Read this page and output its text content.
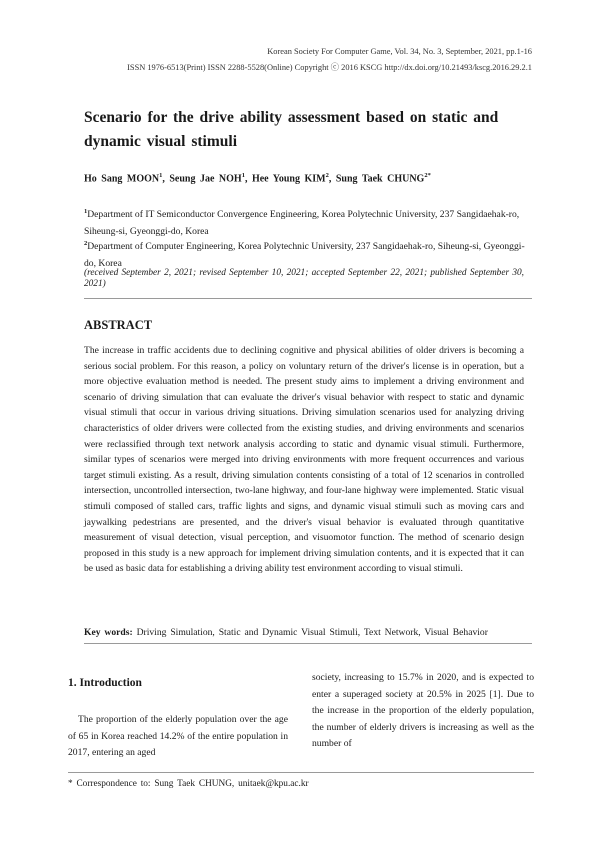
Korean Society For Computer Game, Vol. 34, No. 3, September, 2021, pp.1-16
ISSN 1976-6513(Print) ISSN 2288-5528(Online) Copyright ⓒ 2016 KSCG http://dx.doi.org/10.21493/kscg.2016.29.2.1
Scenario for the drive ability assessment based on static and dynamic visual stimuli
Ho Sang MOON$^1$, Seung Jae NOH$^1$, Hee Young KIM$^2$, Sung Taek $CHUNG^{2*}$
$^1$Department of IT Semiconductor Convergence Engineering, Korea Polytechnic University, 237 Sangidaehak-ro, Siheung-si, Gyeonggi-do, Korea
$^2$Department of Computer Engineering, Korea Polytechnic University, 237 Sangidaehak-ro, Siheung-si, Gyeonggi-do, Korea
(received September 2, 2021; revised September 10, 2021; accepted September 22, 2021; published September 30, 2021)
ABSTRACT
The increase in traffic accidents due to declining cognitive and physical abilities of older drivers is becoming a serious social problem. For this reason, a policy on voluntary return of the driver's license is in operation, but a more objective evaluation method is needed. The present study aims to implement a driving environment and scenario of driving simulation that can evaluate the driver's visual behavior with respect to static and dynamic visual stimuli that occur in various driving situations. Driving simulation scenarios used for analyzing driving characteristics of older drivers were collected from the existing studies, and driving environments and scenarios were reclassified through text network analysis according to static and dynamic visual stimuli. Furthermore, similar types of scenarios were merged into driving environments with more frequent occurrences and various target stimuli existing. As a result, driving simulation contents consisting of a total of 12 scenarios in controlled intersection, uncontrolled intersection, two-lane highway, and four-lane highway were implemented. Static visual stimuli composed of stalled cars, traffic lights and signs, and dynamic visual stimuli such as moving cars and jaywalking pedestrians are presented, and the driver's visual behavior is evaluated through quantitative measurement of visual detection, visual perception, and visuomotor function. The method of scenario design proposed in this study is a new approach for implement driving simulation contents, and it is expected that it can be used as basic data for establishing a driving ability test environment according to visual stimuli.
Key words: Driving Simulation, Static and Dynamic Visual Stimuli, Text Network, Visual Behavior
1. Introduction
The proportion of the elderly population over the age of 65 in Korea reached 14.2% of the entire population in 2017, entering an aged
society, increasing to 15.7% in 2020, and is expected to enter a superaged society at 20.5% in 2025 [1]. Due to the increase in the proportion of the elderly population, the number of elderly drivers is increasing as well as the number of
* Correspondence to: Sung Taek CHUNG, unitaek@kpu.ac.kr
